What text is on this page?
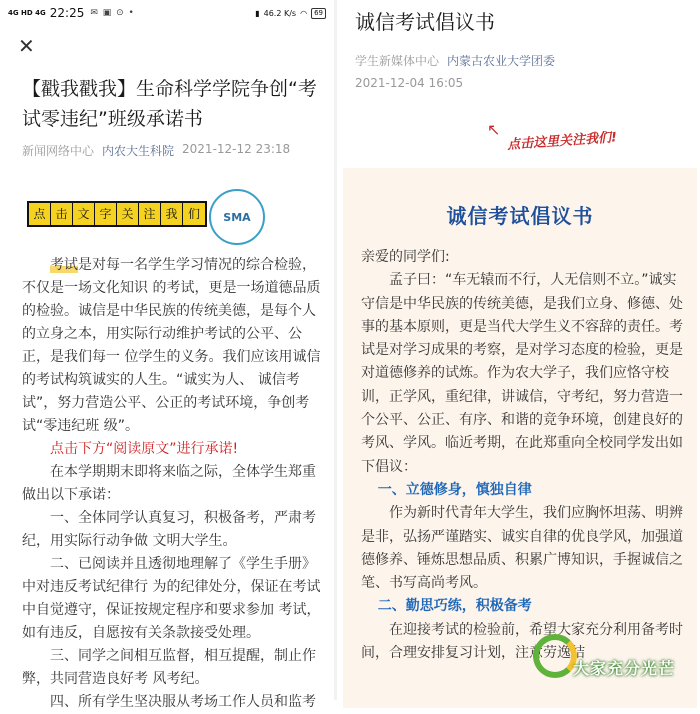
4G HD 4G 22:25 ✉ ▣ ⊙ •	▮ 46.2 K/s ◠	69
✕
【戳我戳我】生命科学学院争创“考试零违纪”班级承诺书
新闻网络中心 内农大生科院 2021-12-12 23:18
点 击 文 字 关 注 我 们	SMA

考试是对每一名学生学习情况的综合检验，不仅是一场文化知识 的考试，更是一场道德品质的检验。诚信是中华民族的传统美德，是每个人的立身之本，用实际行动维护考试的公平、公正，是我们每一 位学生的义务。我们应该用诚信的考试构筑诚实的人生。“诚实为人、 诚信考试”，努力营造公平、公正的考试环境，争创考试“零违纪班 级”。

点击下方“阅读原文”进行承诺!

在本学期期末即将来临之际，全体学生郑重做出以下承诺：

一、全体同学认真复习，积极备考，严肃考纪，用实际行动争做 文明大学生。

二、已阅读并且透彻地理解了《学生手册》中对违反考试纪律行 为的纪律处分，保证在考试中自觉遵守，保证按规定程序和要求参加 考试，如有违反，自愿按有关条款接受处理。

三、同学之间相互监督，相互提醒，制止作弊，共同营造良好考 风考纪。

四、所有学生坚决服从考场工作人员和监考

诚信考试倡议书
学生新媒体中心 内蒙古农业大学团委
2021-12-04 16:05
↖
点击这里关注我们!
诚信考试倡议书

亲爱的同学们:

孟子曰：“车无辕而不行，人无信则不立。”诚实守信是中华民族的传统美德，是我们立身、修德、处事的基本原则，更是当代大学生义不容辞的责任。考试是对学习成果的考察，是对学习态度的检验，更是对道德修养的试炼。作为农大学子，我们应恪守校训，正学风，重纪律，讲诚信，守考纪，努力营造一个公平、公正、有序、和谐的竞争环境，创建良好的考风、学风。临近考期，在此郑重向全校同学发出如下倡议：

一、立德修身，慎独自律

作为新时代青年大学生，我们应胸怀坦荡、明辨是非，弘扬严谨踏实、诚实自律的优良学风，加强道德修养、锤炼思想品质、积累广博知识，手握诚信之笔、书写高尚考风。

二、勤思巧练，积极备考

在迎接考试的检验前，希望大家充分利用备考时间，合理安排复习计划，注意劳逸结

大家充分光芒
